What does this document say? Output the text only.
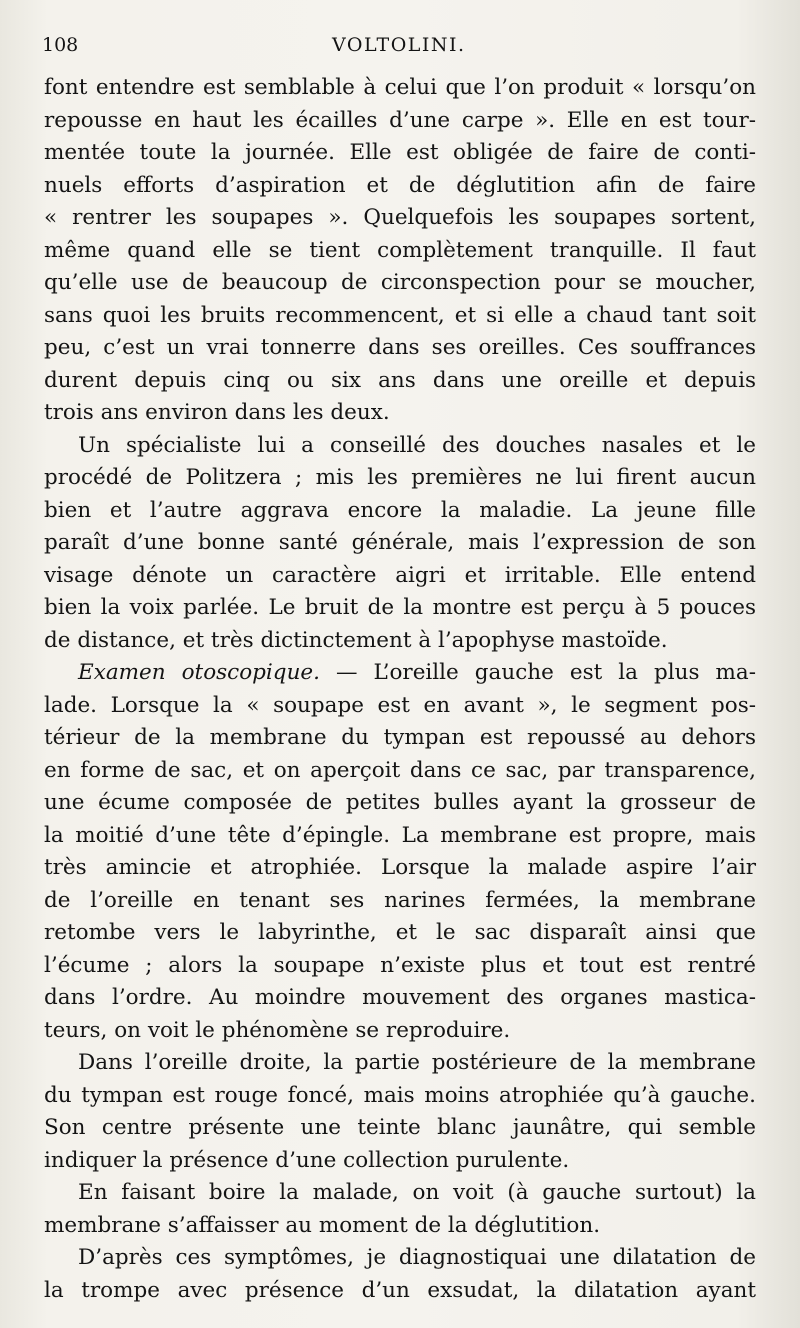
108	VOLTOLINI.
font entendre est semblable à celui que l’on produit « lorsqu’on
repousse en haut les écailles d’une carpe ». Elle en est tour-
mentée toute la journée. Elle est obligée de faire de conti-
nuels efforts d’aspiration et de déglutition afin de faire
« rentrer les soupapes ». Quelquefois les soupapes sortent,
même quand elle se tient complètement tranquille. Il faut
qu’elle use de beaucoup de circonspection pour se moucher,
sans quoi les bruits recommencent, et si elle a chaud tant soit
peu, c’est un vrai tonnerre dans ses oreilles. Ces souffrances
durent depuis cinq ou six ans dans une oreille et depuis
trois ans environ dans les deux.
Un spécialiste lui a conseillé des douches nasales et le
procédé de Politzera ; mis les premières ne lui firent aucun
bien et l’autre aggrava encore la maladie. La jeune fille
paraît d’une bonne santé générale, mais l’expression de son
visage dénote un caractère aigri et irritable. Elle entend
bien la voix parlée. Le bruit de la montre est perçu à 5 pouces
de distance, et très dictinctement à l’apophyse mastoïde.
Examen otoscopique. — L’oreille gauche est la plus ma-
lade. Lorsque la « soupape est en avant », le segment pos-
térieur de la membrane du tympan est repoussé au dehors
en forme de sac, et on aperçoit dans ce sac, par transparence,
une écume composée de petites bulles ayant la grosseur de
la moitié d’une tête d’épingle. La membrane est propre, mais
très amincie et atrophiée. Lorsque la malade aspire l’air
de l’oreille en tenant ses narines fermées, la membrane
retombe vers le labyrinthe, et le sac disparaît ainsi que
l’écume ; alors la soupape n’existe plus et tout est rentré
dans l’ordre. Au moindre mouvement des organes mastica-
teurs, on voit le phénomène se reproduire.
Dans l’oreille droite, la partie postérieure de la membrane
du tympan est rouge foncé, mais moins atrophiée qu’à gauche.
Son centre présente une teinte blanc jaunâtre, qui semble
indiquer la présence d’une collection purulente.
En faisant boire la malade, on voit (à gauche surtout) la
membrane s’affaisser au moment de la déglutition.
D’après ces symptômes, je diagnostiquai une dilatation de
la trompe avec présence d’un exsudat, la dilatation ayant
